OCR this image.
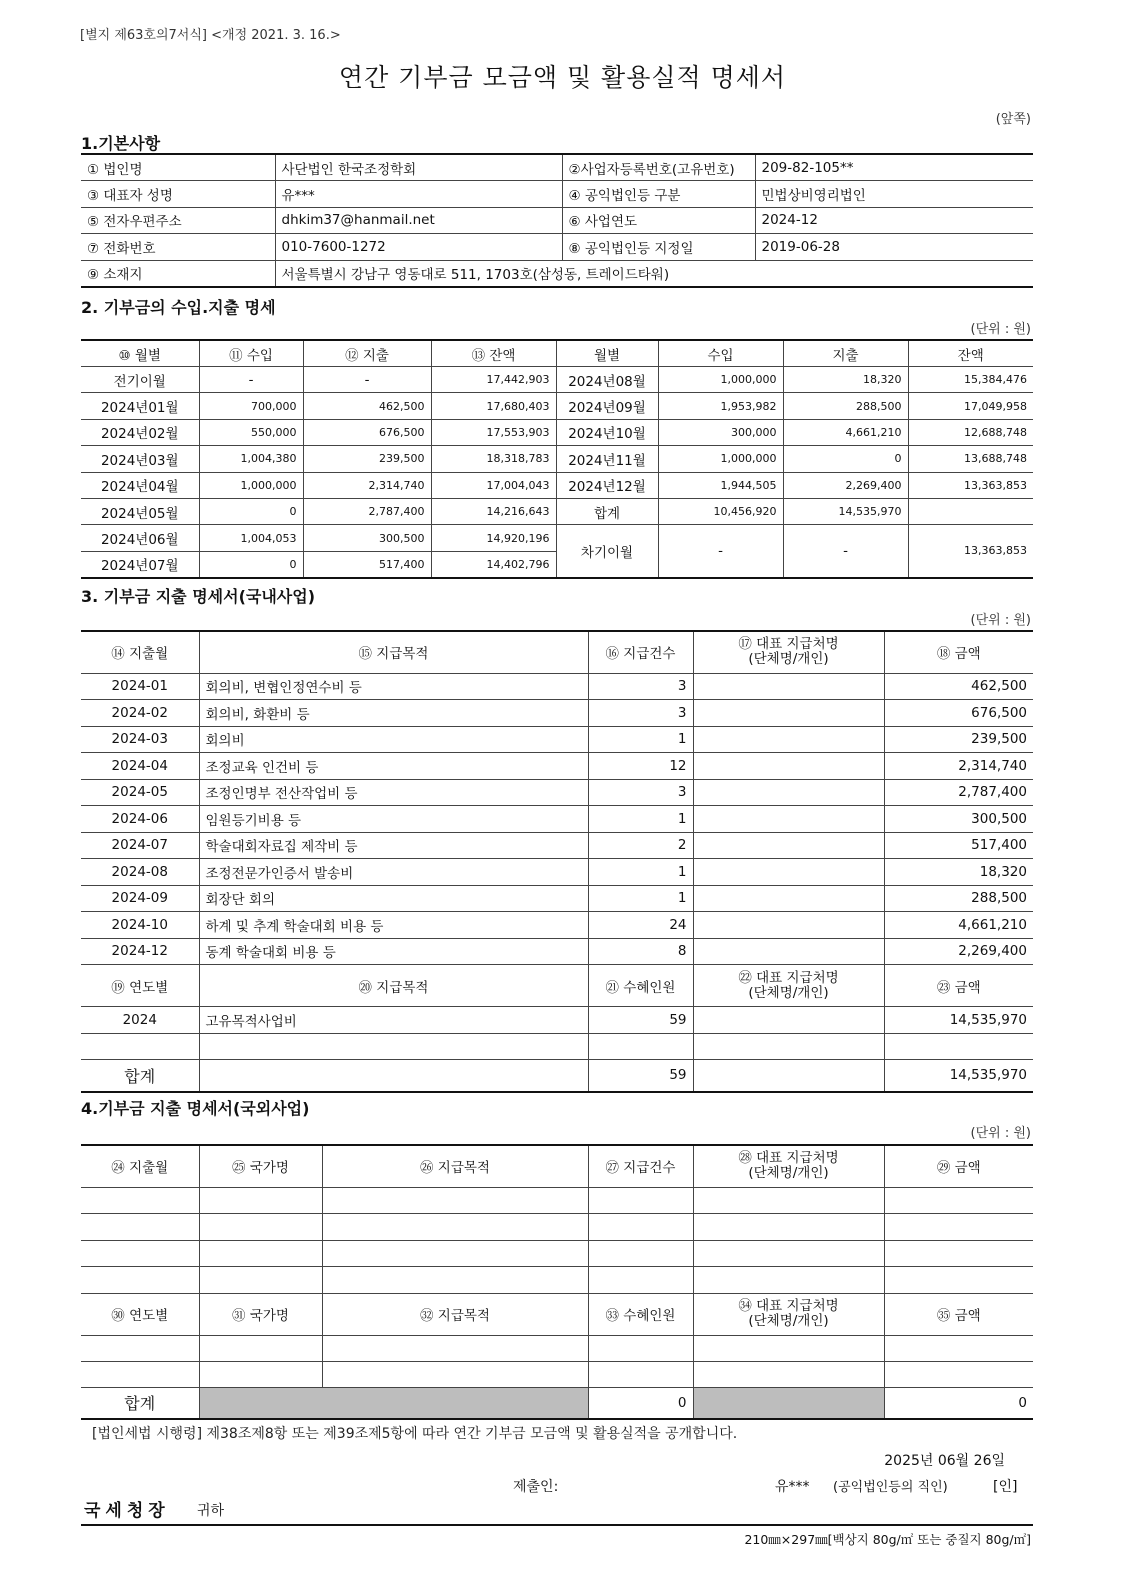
[별지 제63호의7서식] <개정 2021. 3. 16.>
연간 기부금 모금액 및 활용실적 명세서
(앞쪽)
1.기본사항
① 법인명	사단법인 한국조정학회	②사업자등록번호(고유번호)	209-82-105**
③ 대표자 성명	유***	④ 공익법인등 구분	민법상비영리법인
⑤ 전자우편주소	dhkim37@hanmail.net	⑥ 사업연도	2024-12
⑦ 전화번호	010-7600-1272	⑧ 공익법인등 지정일	2019-06-28
⑨ 소재지	서울특별시 강남구 영동대로 511, 1703호(삼성동, 트레이드타워)		
2. 기부금의 수입.지출 명세
(단위 : 원)
⑩ 월별	⑪ 수입	⑫ 지출	⑬ 잔액	월별	수입	지출	잔액
전기이월	-	-	17,442,903	2024년08월	1,000,000	18,320	15,384,476
2024년01월	700,000	462,500	17,680,403	2024년09월	1,953,982	288,500	17,049,958
2024년02월	550,000	676,500	17,553,903	2024년10월	300,000	4,661,210	12,688,748
2024년03월	1,004,380	239,500	18,318,783	2024년11월	1,000,000	0	13,688,748
2024년04월	1,000,000	2,314,740	17,004,043	2024년12월	1,944,505	2,269,400	13,363,853
2024년05월	0	2,787,400	14,216,643	합계	10,456,920	14,535,970	
2024년06월	1,004,053	300,500	14,920,196	차기이월	-	-	13,363,853
2024년07월	0	517,400	14,402,796				
3. 기부금 지출 명세서(국내사업)
(단위 : 원)
⑭ 지출월	⑮ 지급목적	⑯ 지급건수	⑰ 대표 지급처명
(단체명/개인)	⑱ 금액
2024-01	회의비, 변협인정연수비 등	3		462,500
2024-02	회의비, 화환비 등	3		676,500
2024-03	회의비	1		239,500
2024-04	조정교육 인건비 등	12		2,314,740
2024-05	조정인명부 전산작업비 등	3		2,787,400
2024-06	임원등기비용 등	1		300,500
2024-07	학술대회자료집 제작비 등	2		517,400
2024-08	조정전문가인증서 발송비	1		18,320
2024-09	회장단 회의	1		288,500
2024-10	하계 및 추계 학술대회 비용 등	24		4,661,210
2024-12	동계 학술대회 비용 등	8		2,269,400
⑲ 연도별	⑳ 지급목적	㉑ 수혜인원	㉒ 대표 지급처명
(단체명/개인)	㉓ 금액
2024	고유목적사업비	59		14,535,970

합계		59		14,535,970
4.기부금 지출 명세서(국외사업)
(단위 : 원)
㉔ 지출월	㉕ 국가명	㉖ 지급목적	㉗ 지급건수	㉘ 대표 지급처명
(단체명/개인)	㉙ 금액

㉚ 연도별	㉛ 국가명	㉜ 지급목적	㉝ 수혜인원	㉞ 대표 지급처명
(단체명/개인)	㉟ 금액

합계			0		0
[법인세법 시행령] 제38조제8항 또는 제39조제5항에 따라 연간 기부금 모금액 및 활용실적을 공개합니다.
2025년 06월 26일
제출인:	유*** (공익법인등의 직인)	[인]
국세청장 귀하
210㎜×297㎜[백상지 80g/㎡ 또는 중질지 80g/㎡]
